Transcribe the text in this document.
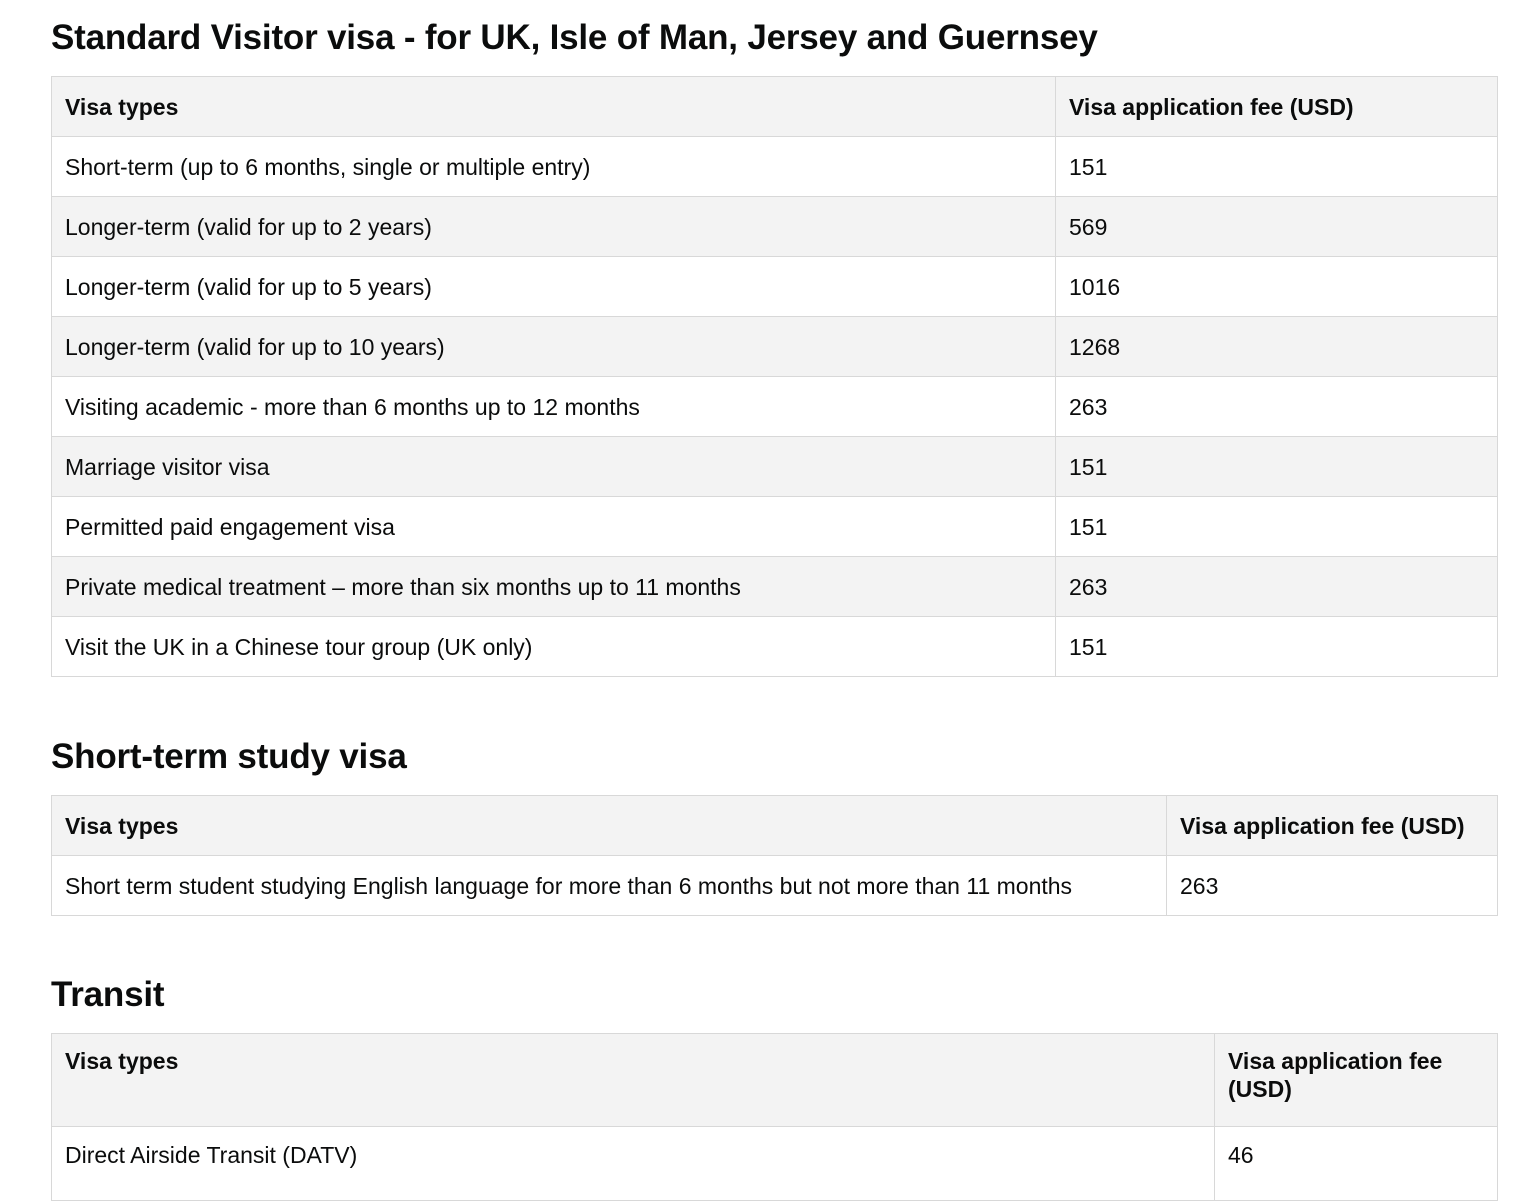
Standard Visitor visa - for UK, Isle of Man, Jersey and Guernsey
Visa types	Visa application fee (USD)
Short-term (up to 6 months, single or multiple entry)	151
Longer-term (valid for up to 2 years)	569
Longer-term (valid for up to 5 years)	1016
Longer-term (valid for up to 10 years)	1268
Visiting academic - more than 6 months up to 12 months	263
Marriage visitor visa	151
Permitted paid engagement visa	151
Private medical treatment – more than six months up to 11 months	263
Visit the UK in a Chinese tour group (UK only)	151
Short-term study visa
Visa types	Visa application fee (USD)
Short term student studying English language for more than 6 months but not more than 11 months	263
Transit
Visa types	Visa application fee (USD)
Direct Airside Transit (DATV)	46
